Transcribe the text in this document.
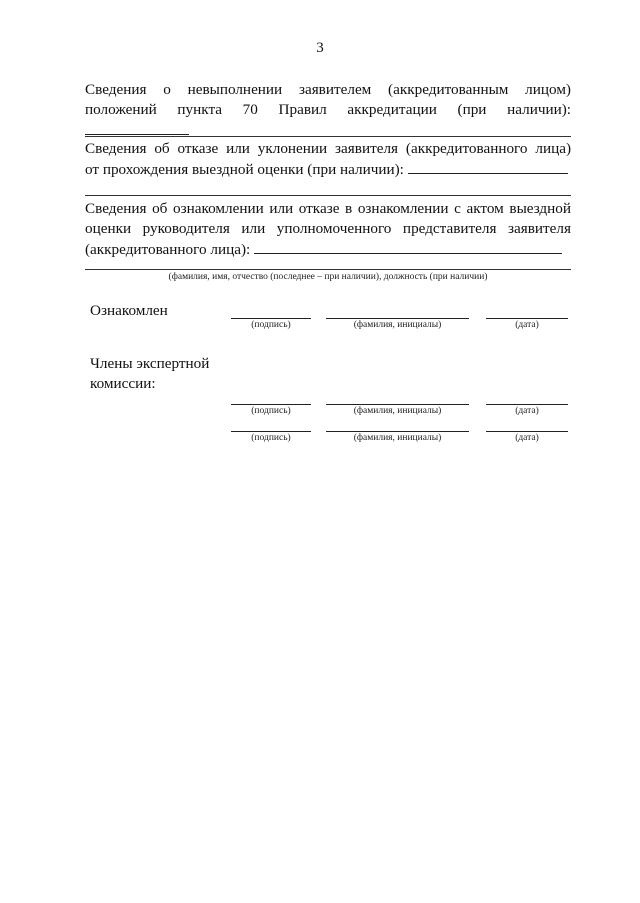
3
Сведения о невыполнении заявителем (аккредитованным лицом)
положений пункта 70 Правил аккредитации (при наличии):
Сведения об отказе или уклонении заявителя (аккредитованного лица)
от прохождения выездной оценки (при наличии):
Сведения об ознакомлении или отказе в ознакомлении с актом выездной
оценки руководителя или уполномоченного представителя заявителя
(аккредитованного лица):
(фамилия, имя, отчество (последнее – при наличии), должность (при наличии)
Ознакомлен
(подпись)	(фамилия, инициалы)	(дата)
Члены экспертной
комиссии:
(подпись)	(фамилия, инициалы)	(дата)
(подпись)	(фамилия, инициалы)	(дата)
